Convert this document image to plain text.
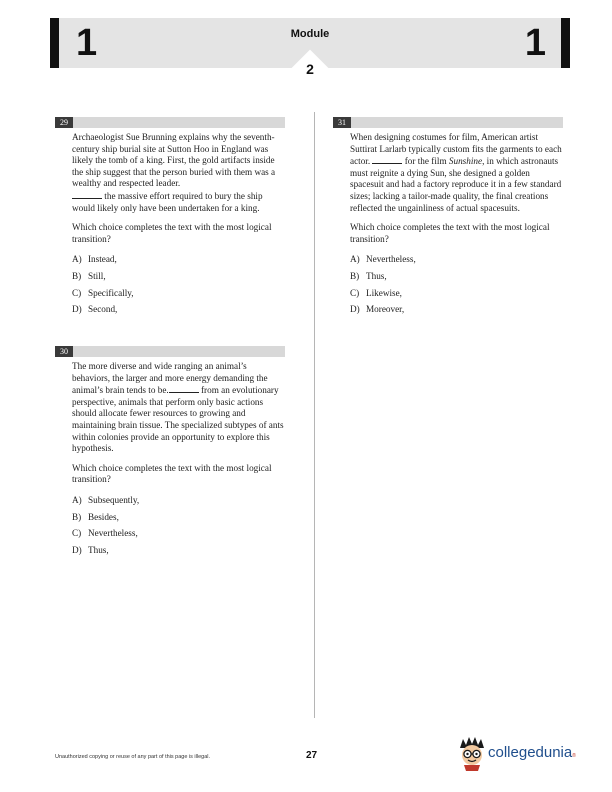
1	Module
2
1
29

Archaeologist Sue Brunning explains why the seventh-century ship burial site at Sutton Hoo in England was likely the tomb of a king. First, the gold artifacts inside the ship suggest that the person buried with them was a wealthy and respected leader.
the massive effort required to bury the ship would likely only have been undertaken for a king.

Which choice completes the text with the most logical transition?

A) Instead,
B) Still,
C) Specifically,
D) Second,
30

The more diverse and wide ranging an animal’s behaviors, the larger and more energy demanding the animal’s brain tends to be.	from an evolutionary perspective, animals that perform only basic actions should allocate fewer resources to growing and maintaining brain tissue. The specialized subtypes of ants within colonies provide an opportunity to explore this hypothesis.

Which choice completes the text with the most logical transition?

A) Subsequently,
B) Besides,
C) Nevertheless,
D) Thus,
31

When designing costumes for film, American artist Suttirat Larlarb typically custom fits the garments to each actor.	for the film Sunshine, in which astronauts must reignite a dying Sun, she designed a golden spacesuit and had a factory reproduce it in a few standard sizes; lacking a tailor-made quality, the final creations reflected the ungainliness of actual spacesuits.

Which choice completes the text with the most logical transition?

A) Nevertheless,
B) Thus,
C) Likewise,
D) Moreover,
Unauthorized copying or reuse of any part of this page is illegal.	27	collegedunia®
